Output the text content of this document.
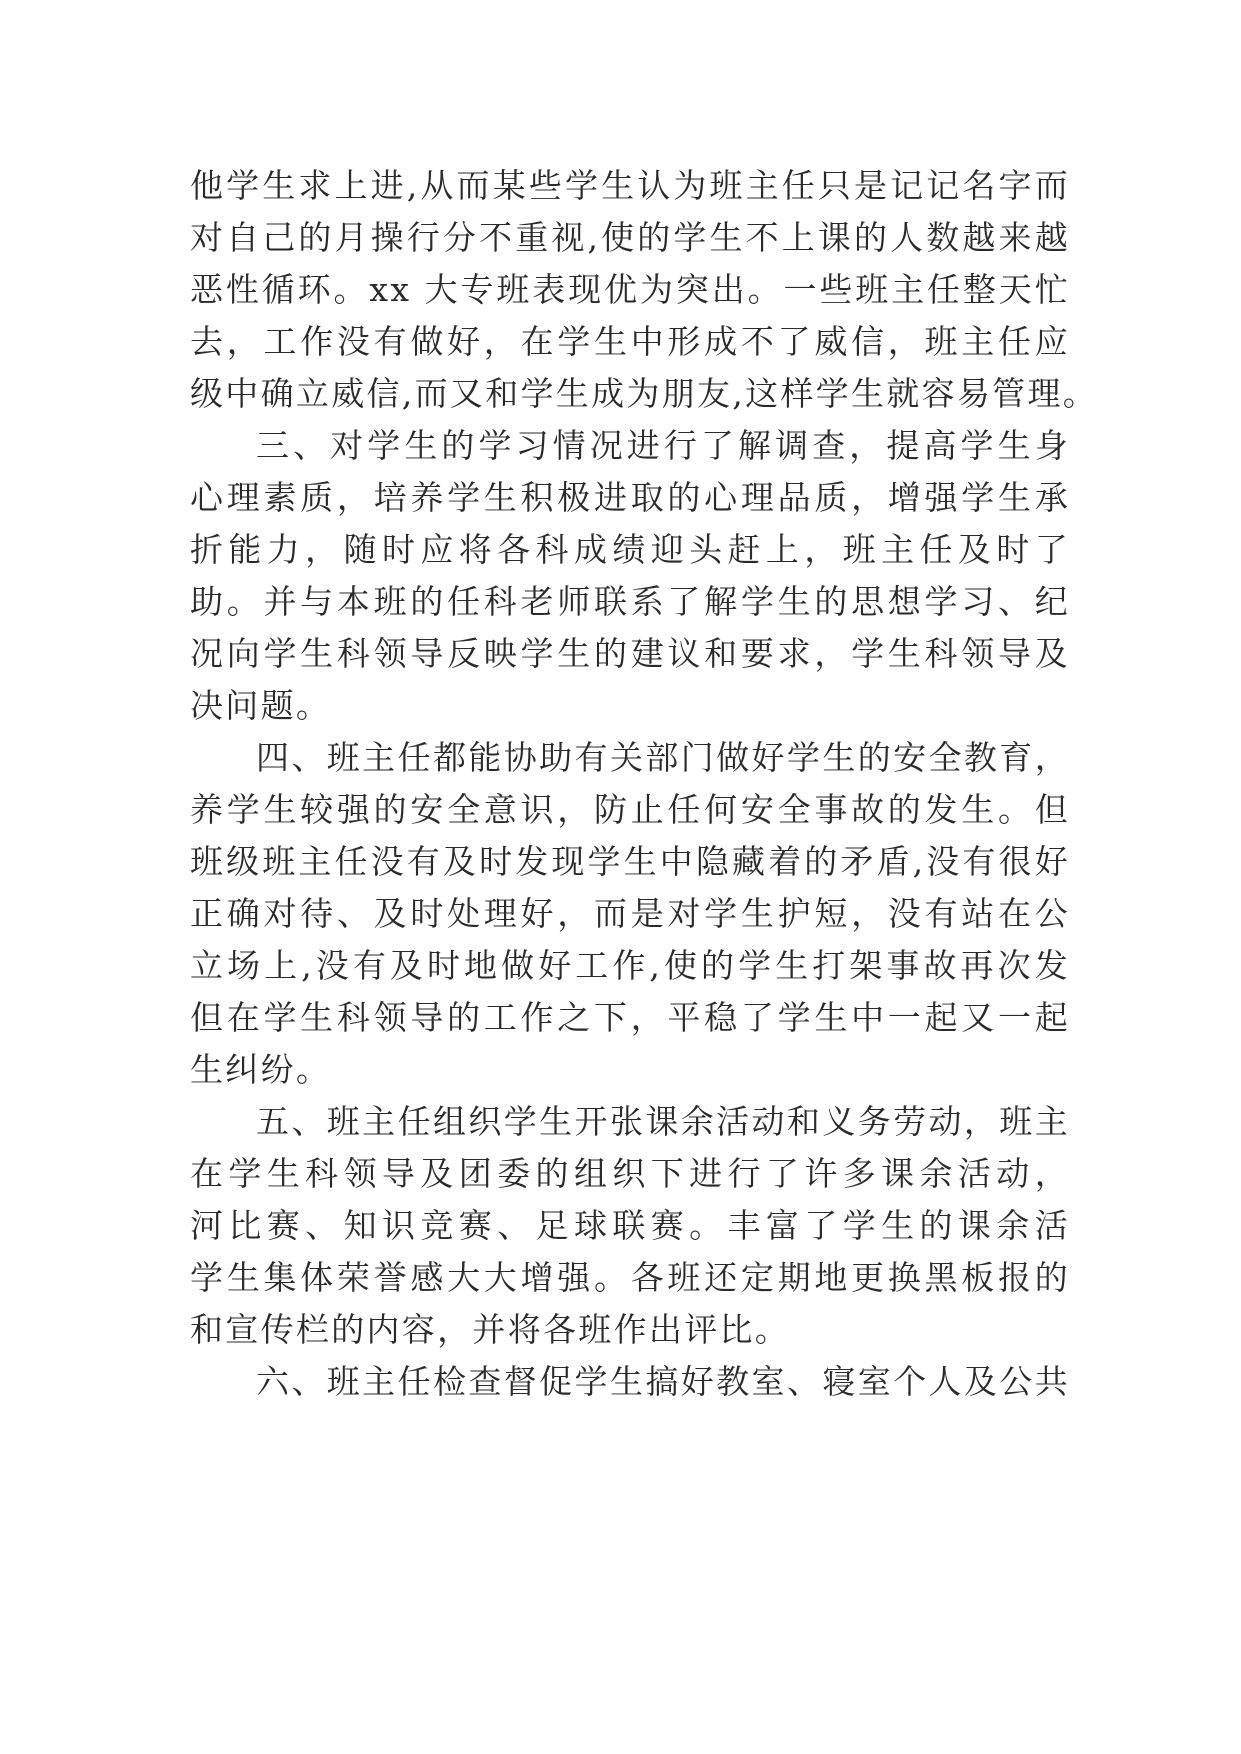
他学生求上进,从而某些学生认为班主任只是记记名字而
对自己的月操行分不重视,使的学生不上课的人数越来越
恶性循环。xx 大专班表现优为突出。一些班主任整天忙
去，工作没有做好，在学生中形成不了威信，班主任应
级中确立威信,而又和学生成为朋友,这样学生就容易管理。
三、对学生的学习情况进行了解调查，提高学生身
心理素质，培养学生积极进取的心理品质，增强学生承
折能力，随时应将各科成绩迎头赶上，班主任及时了
助。并与本班的任科老师联系了解学生的思想学习、纪
况向学生科领导反映学生的建议和要求，学生科领导及
决问题。
四、班主任都能协助有关部门做好学生的安全教育，
养学生较强的安全意识，防止任何安全事故的发生。但
班级班主任没有及时发现学生中隐藏着的矛盾,没有很好
正确对待、及时处理好，而是对学生护短，没有站在公
立场上,没有及时地做好工作,使的学生打架事故再次发
但在学生科领导的工作之下，平稳了学生中一起又一起
生纠纷。
五、班主任组织学生开张课余活动和义务劳动，班主
在学生科领导及团委的组织下进行了许多课余活动，
河比赛、知识竞赛、足球联赛。丰富了学生的课余活
学生集体荣誉感大大增强。各班还定期地更换黑板报的
和宣传栏的内容，并将各班作出评比。
六、班主任检查督促学生搞好教室、寝室个人及公共
